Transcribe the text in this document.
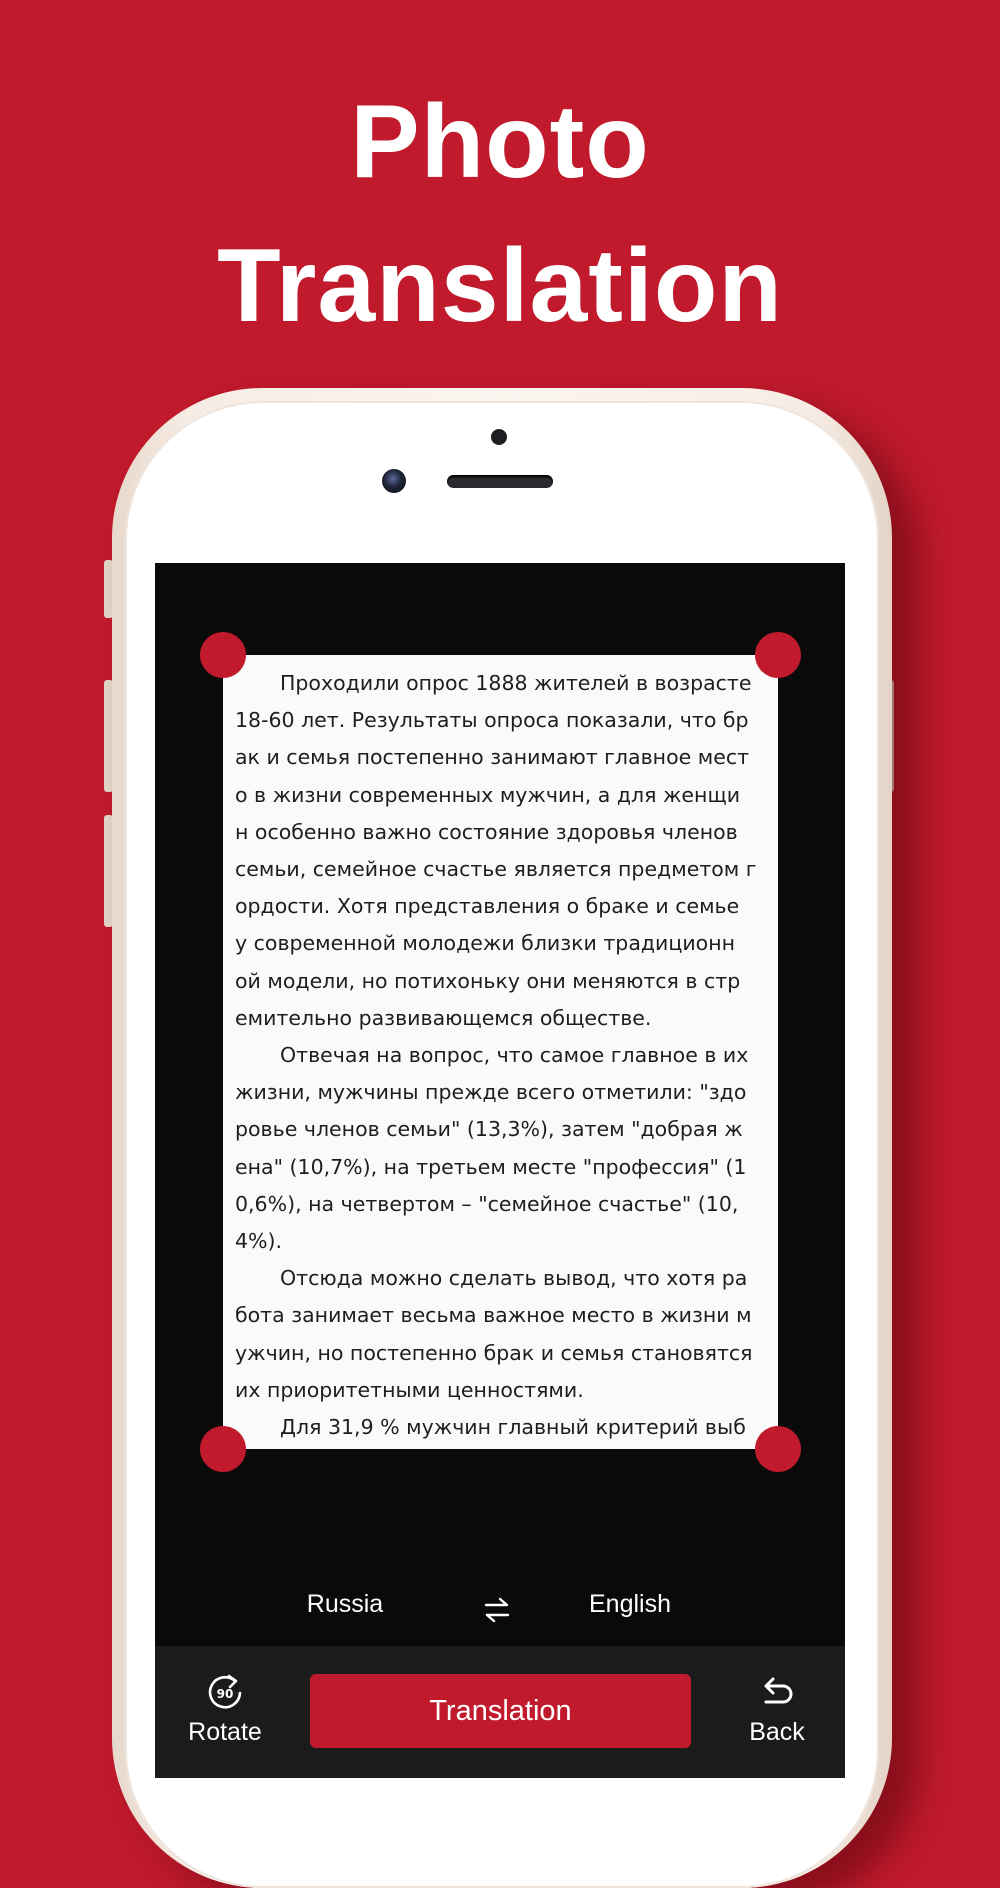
Photo
Translation
Проходили опрос 1888 жителей в возрасте
18-60 лет. Результаты опроса показали, что бр
ак и семья постепенно занимают главное мест
о в жизни современных мужчин, а для женщи
н особенно важно состояние здоровья членов
семьи, семейное счастье является предметом г
ордости. Хотя представления о браке и семье
у современной молодежи близки традиционн
ой модели, но потихоньку они меняются в стр
емительно развивающемся обществе.
Отвечая на вопрос, что самое главное в их
жизни, мужчины прежде всего отметили: "здо
ровье членов семьи" (13,3%), затем "добрая ж
ена" (10,7%), на третьем месте "профессия" (1
0,6%), на четвертом – "семейное счастье" (10,
4%).
Отсюда можно сделать вывод, что хотя ра
бота занимает весьма важное место в жизни м
ужчин, но постепенно брак и семья становятся
их приоритетными ценностями.
Для 31,9 % мужчин главный критерий выб
Russia	English
90
Rotate
Translation
Back
